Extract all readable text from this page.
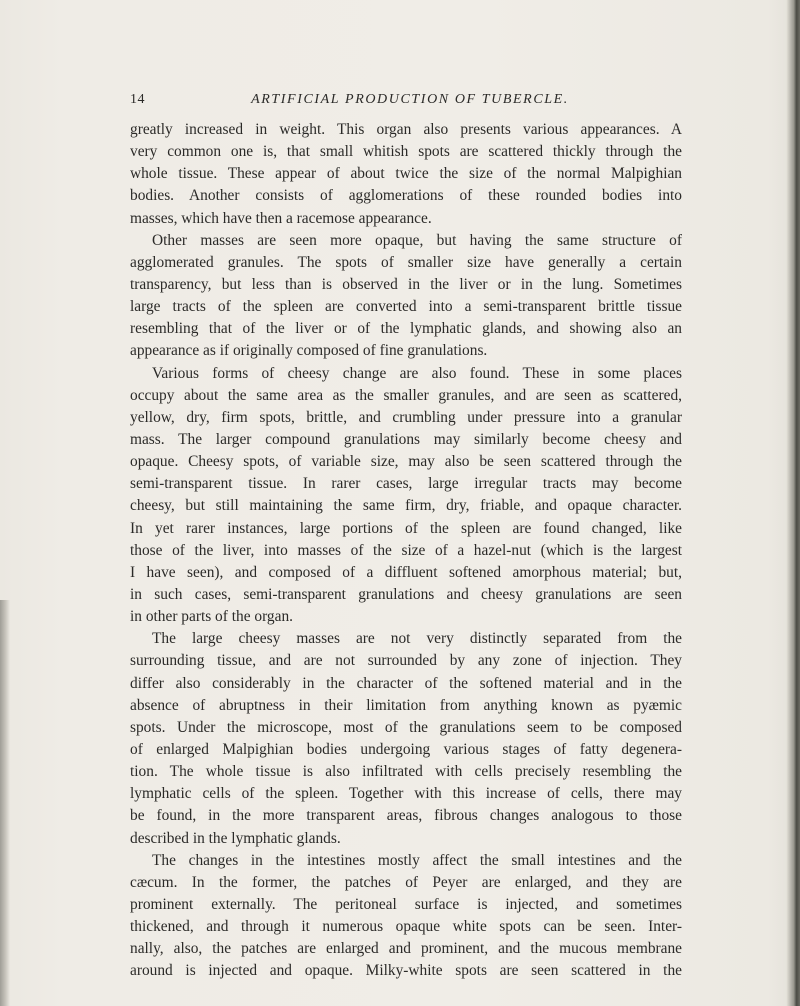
14	ARTIFICIAL PRODUCTION OF TUBERCLE.
greatly increased in weight. This organ also presents various appearances. A
very common one is, that small whitish spots are scattered thickly through the
whole tissue. These appear of about twice the size of the normal Malpighian
bodies. Another consists of agglomerations of these rounded bodies into
masses, which have then a racemose appearance.
Other masses are seen more opaque, but having the same structure of
agglomerated granules. The spots of smaller size have generally a certain
transparency, but less than is observed in the liver or in the lung. Sometimes
large tracts of the spleen are converted into a semi-transparent brittle tissue
resembling that of the liver or of the lymphatic glands, and showing also an
appearance as if originally composed of fine granulations.
Various forms of cheesy change are also found. These in some places
occupy about the same area as the smaller granules, and are seen as scattered,
yellow, dry, firm spots, brittle, and crumbling under pressure into a granular
mass. The larger compound granulations may similarly become cheesy and
opaque. Cheesy spots, of variable size, may also be seen scattered through the
semi-transparent tissue. In rarer cases, large irregular tracts may become
cheesy, but still maintaining the same firm, dry, friable, and opaque character.
In yet rarer instances, large portions of the spleen are found changed, like
those of the liver, into masses of the size of a hazel-nut (which is the largest
I have seen), and composed of a diffluent softened amorphous material; but,
in such cases, semi-transparent granulations and cheesy granulations are seen
in other parts of the organ.
The large cheesy masses are not very distinctly separated from the
surrounding tissue, and are not surrounded by any zone of injection. They
differ also considerably in the character of the softened material and in the
absence of abruptness in their limitation from anything known as pyæmic
spots. Under the microscope, most of the granulations seem to be composed
of enlarged Malpighian bodies undergoing various stages of fatty degenera-
tion. The whole tissue is also infiltrated with cells precisely resembling the
lymphatic cells of the spleen. Together with this increase of cells, there may
be found, in the more transparent areas, fibrous changes analogous to those
described in the lymphatic glands.
The changes in the intestines mostly affect the small intestines and the
cæcum. In the former, the patches of Peyer are enlarged, and they are
prominent externally. The peritoneal surface is injected, and sometimes
thickened, and through it numerous opaque white spots can be seen. Inter-
nally, also, the patches are enlarged and prominent, and the mucous membrane
around is injected and opaque. Milky-white spots are seen scattered in the
